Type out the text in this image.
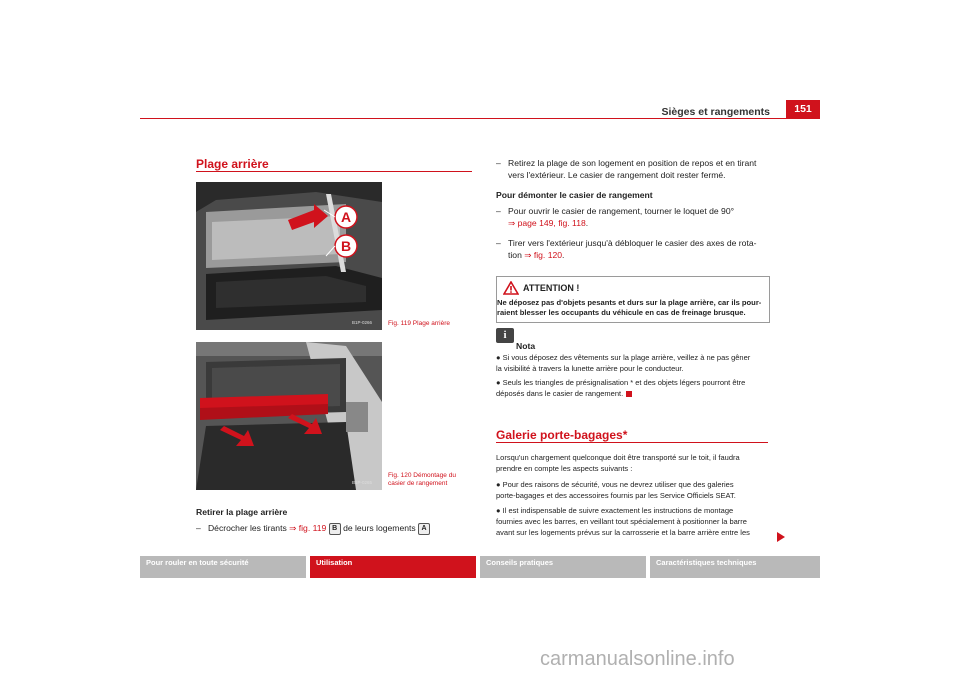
Sièges et rangements	151
Plage arrière
A
B
B1P-0266 Fig. 119 Plage arrière
B1P-0265
Fig. 120 Démontage du
casier de rangement
Retirer la plage arrière
– Décrocher les tirants ⇒ fig. 119 B de leurs logements A
– Retirez la plage de son logement en position de repos et en tirant
vers l'extérieur. Le casier de rangement doit rester fermé.
Pour démonter le casier de rangement
– Pour ouvrir le casier de rangement, tourner le loquet de 90°
⇒ page 149, fig. 118.
– Tirer vers l'extérieur jusqu'à débloquer le casier des axes de rota-
tion ⇒ fig. 120.
ATTENTION !
Ne déposez pas d'objets pesants et durs sur la plage arrière, car ils pour-
raient blesser les occupants du véhicule en cas de freinage brusque.
i
Nota
● Si vous déposez des vêtements sur la plage arrière, veillez à ne pas gêner
la visibilité à travers la lunette arrière pour le conducteur.
● Seuls les triangles de présignalisation * et des objets légers pourront être
déposés dans le casier de rangement.
Galerie porte-bagages*
Lorsqu'un chargement quelconque doit être transporté sur le toit, il faudra
prendre en compte les aspects suivants :
● Pour des raisons de sécurité, vous ne devrez utiliser que des galeries
porte-bagages et des accessoires fournis par les Service Officiels SEAT.
● Il est indispensable de suivre exactement les instructions de montage
fournies avec les barres, en veillant tout spécialement à positionner la barre
avant sur les logements prévus sur la carrosserie et la barre arrière entre les
Pour rouler en toute sécurité	Utilisation	Conseils pratiques	Caractéristiques techniques
carmanualsonline.info
